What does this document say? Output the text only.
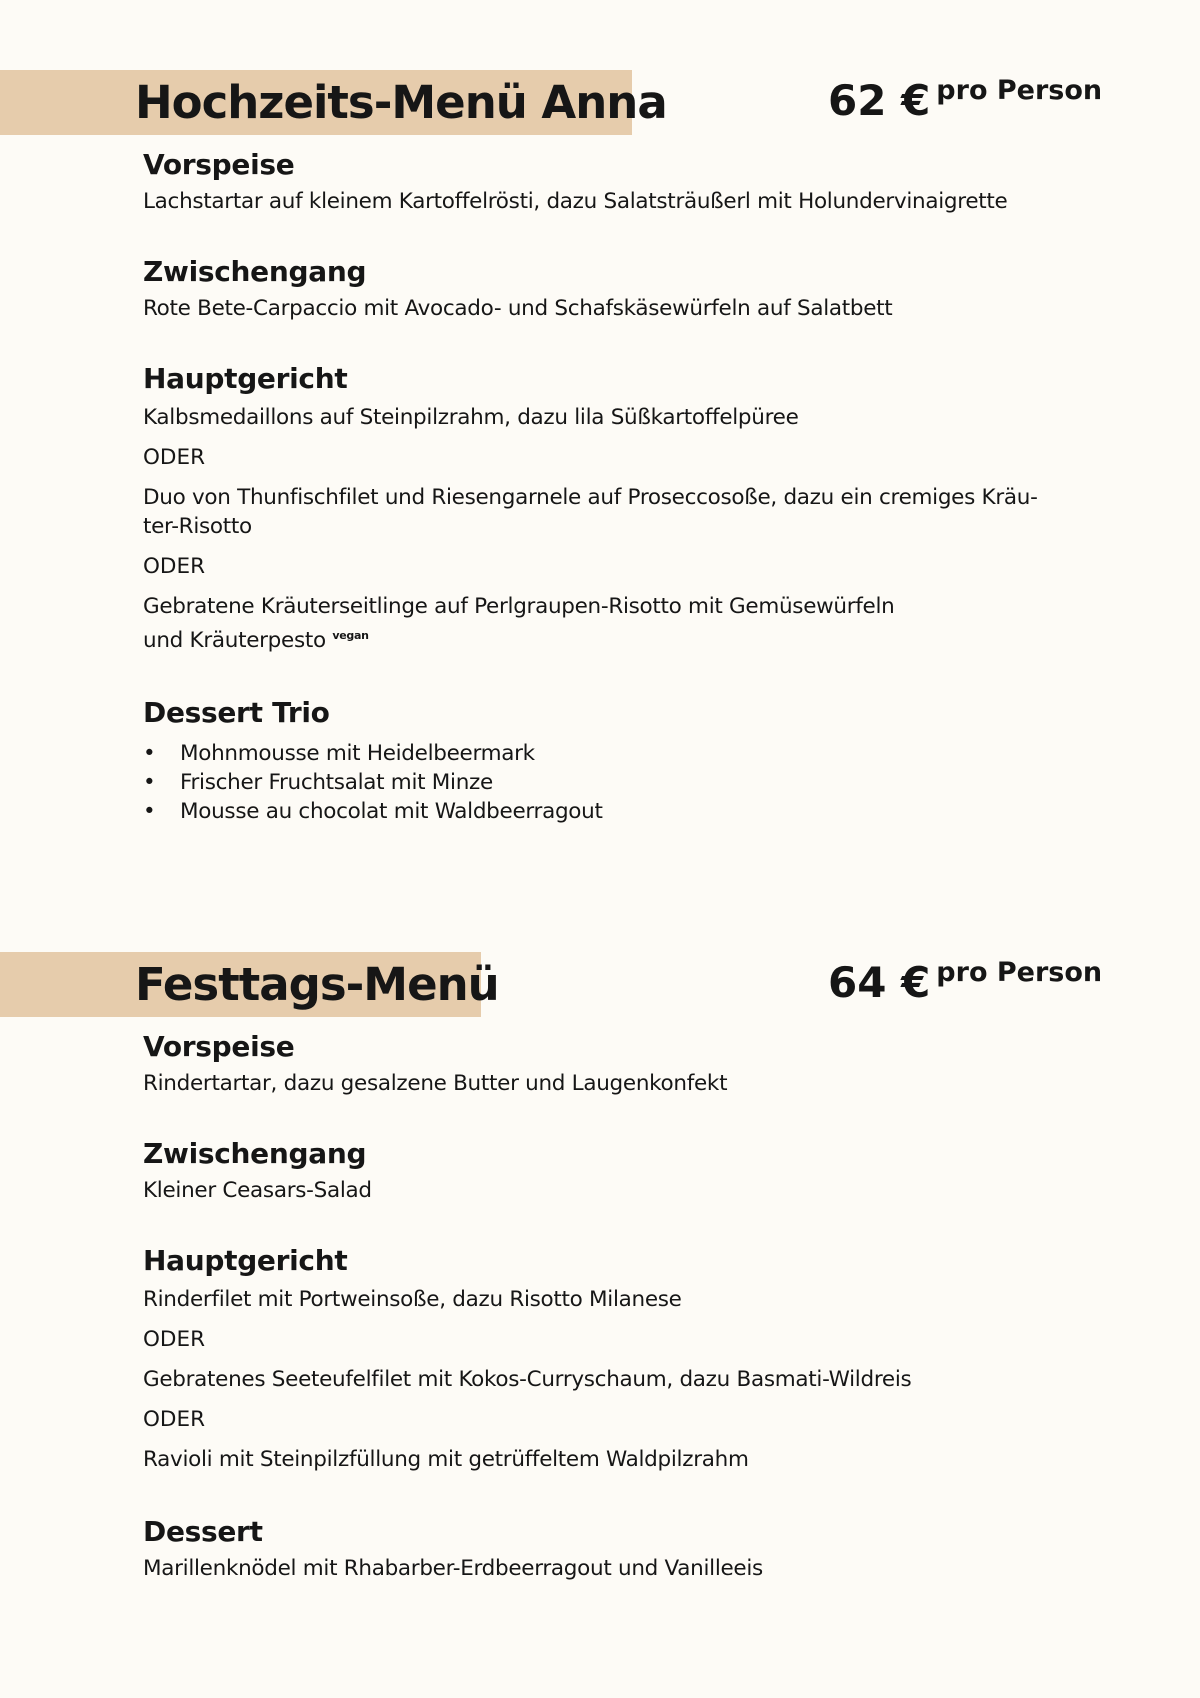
Hochzeits-Menü Anna	62 € pro Person
Vorspeise

Lachstartar auf kleinem Kartoffelrösti, dazu Salatsträußerl mit Holundervinaigrette

Zwischengang

Rote Bete-Carpaccio mit Avocado- und Schafskäsewürfeln auf Salatbett

Hauptgericht

Kalbsmedaillons auf Steinpilzrahm, dazu lila Süßkartoffelpüree

ODER

Duo von Thunfischfilet und Riesengarnele auf Proseccosoße, dazu ein cremiges Kräu-
ter-Risotto

ODER

Gebratene Kräuterseitlinge auf Perlgraupen-Risotto mit Gemüsewürfeln
und Kräuterpesto $^{vegan}$

Dessert Trio
• Mohnmousse mit Heidelbeermark
• Frischer Fruchtsalat mit Minze
• Mousse au chocolat mit Waldbeerragout
Festtags-Menü	64 € pro Person
Vorspeise

Rindertartar, dazu gesalzene Butter und Laugenkonfekt

Zwischengang

Kleiner Ceasars-Salad

Hauptgericht

Rinderfilet mit Portweinsoße, dazu Risotto Milanese

ODER

Gebratenes Seeteufelfilet mit Kokos-Curryschaum, dazu Basmati-Wildreis

ODER

Ravioli mit Steinpilzfüllung mit getrüffeltem Waldpilzrahm

Dessert

Marillenknödel mit Rhabarber-Erdbeerragout und Vanilleeis
